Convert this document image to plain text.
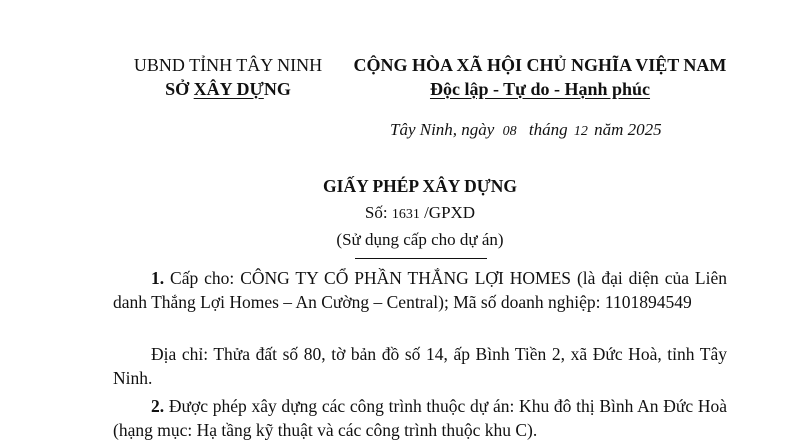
UBND TỈNH TÂY NINH
SỞ XÂY DỰNG
CỘNG HÒA XÃ HỘI CHỦ NGHĨA VIỆT NAM
Độc lập - Tự do - Hạnh phúc
Tây Ninh, ngày 08 tháng 12 năm 2025
GIẤY PHÉP XÂY DỰNG
Số: 1631 /GPXD
(Sử dụng cấp cho dự án)
1. Cấp cho: CÔNG TY CỔ PHẦN THẮNG LỢI HOMES (là đại diện của Liên danh Thắng Lợi Homes – An Cường – Central); Mã số doanh nghiệp: 1101894549
Địa chỉ: Thửa đất số 80, tờ bản đồ số 14, ấp Bình Tiền 2, xã Đức Hoà, tỉnh Tây Ninh.
2. Được phép xây dựng các công trình thuộc dự án: Khu đô thị Bình An Đức Hoà (hạng mục: Hạ tầng kỹ thuật và các công trình thuộc khu C).
